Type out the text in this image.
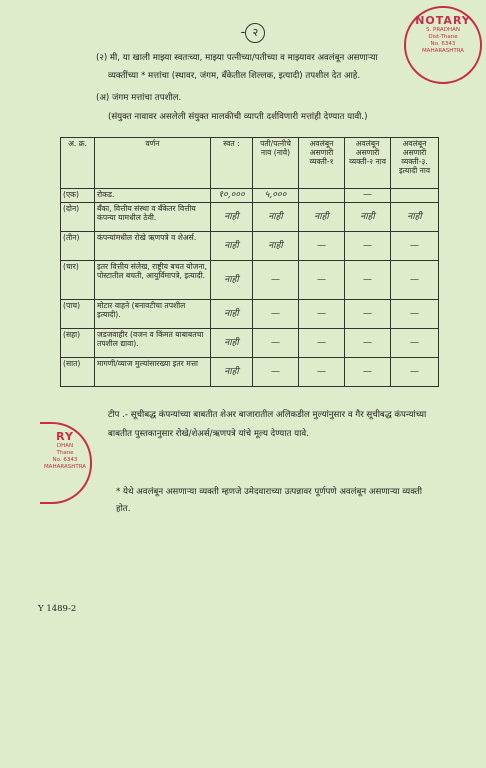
- २
(२) मी, या खाली माझ्या स्वतःच्या, माझ्या पत्नीच्या/पतीच्या व माझ्यावर अवलंबून असणाऱ्या
व्यक्तींच्या * मत्तांचा (स्थावर, जंगम, बँकेतील शिल्लक, इत्यादी) तपशील देत आहे.
(अ) जंगम मत्तांचा तपशील.
(संयुक्त नावावर असलेली संयुक्त मालकीची व्याप्ती दर्शविणारी मत्तांही देण्यात यावी.)
अ. क्र.	वर्णन	स्वत :	पती/पत्नीचे नाव (नावे)	अवलंबून असणारी व्यक्ती-१	अवलंबून असणारी व्यक्ती-२ नाव	अवलंबून असणारी व्यक्ती-३. इत्यादी नाव
(एक)	रोकड.	१०,०००	५,०००		—	
(दोन)	बँका, वित्तीय संस्था व बँकेतर वित्तीय कंपन्या यामधील ठेवी.	नाही	नाही	नाही	नाही	नाही
(तीन)	कंपन्यांमधील रोखे ऋणपत्रे व शेअर्स.	नाही	नाही	—	—	—
(चार)	इतर वित्तीय संलेख, राष्ट्रीय बचत योजना, पोस्टातील बचती, आयुर्विमापत्रे, इत्यादी.	नाही	—	—	—	—
(पाच)	मोटार वाहने (बनावटीचा तपशील इत्यादी).	नाही	—	—	—	—
(सहा)	जडजवाहीर (वजन व किंमत याबाबतचा तपशील द्यावा).	नाही	—	—	—	—
(सात)	मागणी/व्याज मुल्यांसारख्या इतर मत्ता	नाही	—	—	—	—
टीप .- सूचीबद्ध कंपन्यांच्या बाबतीत शेअर बाजारातील अलिकडील मुल्यांनुसार व गैर सूचीबद्ध कंपन्यांच्या बाबतीत पुस्तकानुसार रोखे/शेअर्स/ऋणपत्रे यांचे मूल्य देण्यात यावे.
* येथे अवलंबून असणाऱ्या व्यक्ती म्हणजे उमेदवाराच्या उत्पन्नावर पूर्णपणे अवलंबून असणाऱ्या व्यक्ती होत.
Y 1489-2
NOTARY
S. PRADHAN
Dist-Thane
No. 6343
MAHARASHTRA
RY
DHAN
Thane
No. 6343
MAHARASHTRA
